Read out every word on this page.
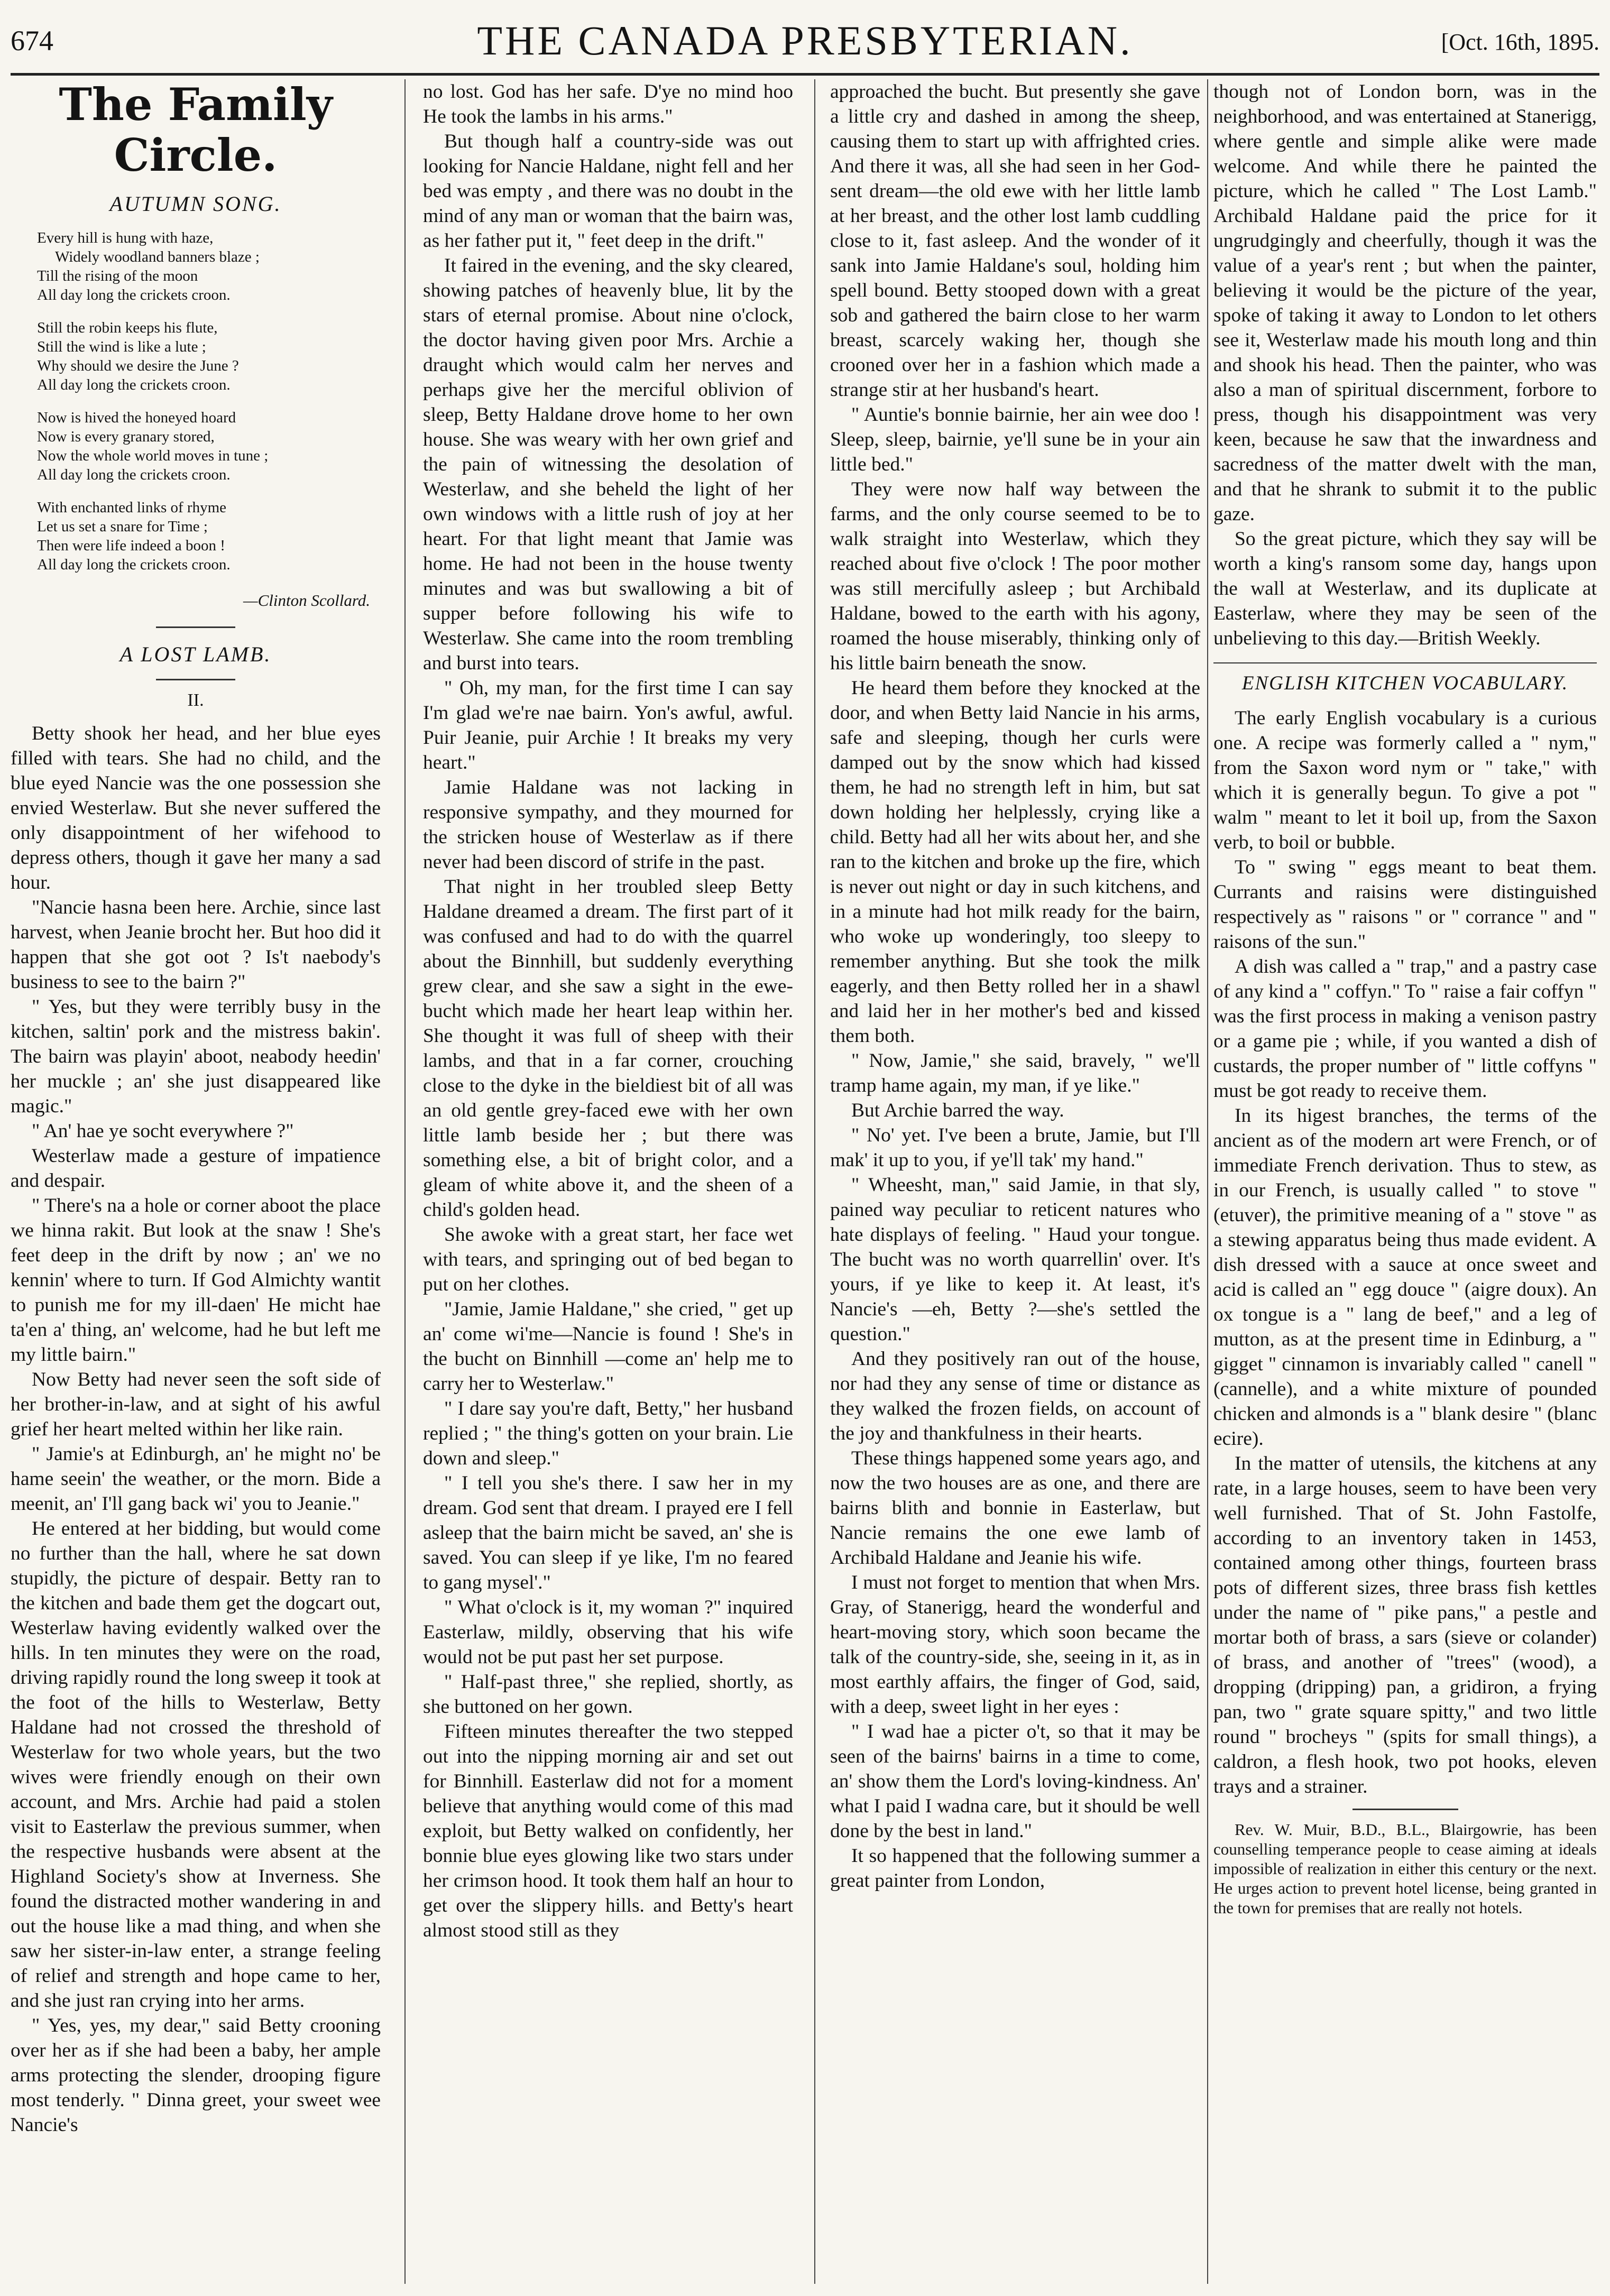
674	THE CANADA PRESBYTERIAN.	[Oct. 16th, 1895.
The Family Circle.
AUTUMN SONG.
Every hill is hung with haze,
Widely woodland banners blaze ;
Till the rising of the moon
All day long the crickets croon.
Still the robin keeps his flute,
Still the wind is like a lute ;
Why should we desire the June ?
All day long the crickets croon.
Now is hived the honeyed hoard
Now is every granary stored,
Now the whole world moves in tune ;
All day long the crickets croon.
With enchanted links of rhyme
Let us set a snare for Time ;
Then were life indeed a boon !
All day long the crickets croon.
—Clinton Scollard.
A LOST LAMB.
II.

Betty shook her head, and her blue eyes filled with tears. She had no child, and the blue eyed Nancie was the one possession she envied Westerlaw. But she never suffered the only disappointment of her wifehood to depress others, though it gave her many a sad hour.

"Nancie hasna been here. Archie, since last harvest, when Jeanie brocht her. But hoo did it happen that she got oot ? Is't naebody's business to see to the bairn ?"

" Yes, but they were terribly busy in the kitchen, saltin' pork and the mistress bakin'. The bairn was playin' aboot, neabody heedin' her muckle ; an' she just disappeared like magic."

" An' hae ye socht everywhere ?"

Westerlaw made a gesture of impatience and despair.

" There's na a hole or corner aboot the place we hinna rakit. But look at the snaw ! She's feet deep in the drift by now ; an' we no kennin' where to turn. If God Almichty wantit to punish me for my ill-daen' He micht hae ta'en a' thing, an' welcome, had he but left me my little bairn."

Now Betty had never seen the soft side of her brother-in-law, and at sight of his awful grief her heart melted within her like rain.

" Jamie's at Edinburgh, an' he might no' be hame seein' the weather, or the morn. Bide a meenit, an' I'll gang back wi' you to Jeanie."

He entered at her bidding, but would come no further than the hall, where he sat down stupidly, the picture of despair. Betty ran to the kitchen and bade them get the dogcart out, Westerlaw having evidently walked over the hills. In ten minutes they were on the road, driving rapidly round the long sweep it took at the foot of the hills to Westerlaw, Betty Haldane had not crossed the threshold of Westerlaw for two whole years, but the two wives were friendly enough on their own account, and Mrs. Archie had paid a stolen visit to Easterlaw the previous summer, when the respective husbands were absent at the Highland Society's show at Inverness. She found the distracted mother wandering in and out the house like a mad thing, and when she saw her sister-in-law enter, a strange feeling of relief and strength and hope came to her, and she just ran crying into her arms.

" Yes, yes, my dear," said Betty crooning over her as if she had been a baby, her ample arms protecting the slender, drooping figure most tenderly. " Dinna greet, your sweet wee Nancie's

no lost. God has her safe. D'ye no mind hoo He took the lambs in his arms."

But though half a country-side was out looking for Nancie Haldane, night fell and her bed was empty , and there was no doubt in the mind of any man or woman that the bairn was, as her father put it, " feet deep in the drift."

It faired in the evening, and the sky cleared, showing patches of heavenly blue, lit by the stars of eternal promise. About nine o'clock, the doctor having given poor Mrs. Archie a draught which would calm her nerves and perhaps give her the merciful oblivion of sleep, Betty Haldane drove home to her own house. She was weary with her own grief and the pain of witnessing the desolation of Westerlaw, and she beheld the light of her own windows with a little rush of joy at her heart. For that light meant that Jamie was home. He had not been in the house twenty minutes and was but swallowing a bit of supper before following his wife to Westerlaw. She came into the room trembling and burst into tears.

" Oh, my man, for the first time I can say I'm glad we're nae bairn. Yon's awful, awful. Puir Jeanie, puir Archie ! It breaks my very heart."

Jamie Haldane was not lacking in responsive sympathy, and they mourned for the stricken house of Westerlaw as if there never had been discord of strife in the past.

That night in her troubled sleep Betty Haldane dreamed a dream. The first part of it was confused and had to do with the quarrel about the Binnhill, but suddenly everything grew clear, and she saw a sight in the ewe-bucht which made her heart leap within her. She thought it was full of sheep with their lambs, and that in a far corner, crouching close to the dyke in the bieldiest bit of all was an old gentle grey-faced ewe with her own little lamb beside her ; but there was something else, a bit of bright color, and a gleam of white above it, and the sheen of a child's golden head.

She awoke with a great start, her face wet with tears, and springing out of bed began to put on her clothes.

"Jamie, Jamie Haldane," she cried, " get up an' come wi'me—Nancie is found ! She's in the bucht on Binnhill —come an' help me to carry her to Westerlaw."

" I dare say you're daft, Betty," her husband replied ; " the thing's gotten on your brain. Lie down and sleep."

" I tell you she's there. I saw her in my dream. God sent that dream. I prayed ere I fell asleep that the bairn micht be saved, an' she is saved. You can sleep if ye like, I'm no feared to gang mysel'."

" What o'clock is it, my woman ?" inquired Easterlaw, mildly, observing that his wife would not be put past her set purpose.

" Half-past three," she replied, shortly, as she buttoned on her gown.

Fifteen minutes thereafter the two stepped out into the nipping morning air and set out for Binnhill. Easterlaw did not for a moment believe that anything would come of this mad exploit, but Betty walked on confidently, her bonnie blue eyes glowing like two stars under her crimson hood. It took them half an hour to get over the slippery hills. and Betty's heart almost stood still as they

approached the bucht. But presently she gave a little cry and dashed in among the sheep, causing them to start up with affrighted cries. And there it was, all she had seen in her God-sent dream—the old ewe with her little lamb at her breast, and the other lost lamb cuddling close to it, fast asleep. And the wonder of it sank into Jamie Haldane's soul, holding him spell bound. Betty stooped down with a great sob and gathered the bairn close to her warm breast, scarcely waking her, though she crooned over her in a fashion which made a strange stir at her husband's heart.

" Auntie's bonnie bairnie, her ain wee doo ! Sleep, sleep, bairnie, ye'll sune be in your ain little bed."

They were now half way between the farms, and the only course seemed to be to walk straight into Westerlaw, which they reached about five o'clock ! The poor mother was still mercifully asleep ; but Archibald Haldane, bowed to the earth with his agony, roamed the house miserably, thinking only of his little bairn beneath the snow.

He heard them before they knocked at the door, and when Betty laid Nancie in his arms, safe and sleeping, though her curls were damped out by the snow which had kissed them, he had no strength left in him, but sat down holding her helplessly, crying like a child. Betty had all her wits about her, and she ran to the kitchen and broke up the fire, which is never out night or day in such kitchens, and in a minute had hot milk ready for the bairn, who woke up wonderingly, too sleepy to remember anything. But she took the milk eagerly, and then Betty rolled her in a shawl and laid her in her mother's bed and kissed them both.

" Now, Jamie," she said, bravely, " we'll tramp hame again, my man, if ye like."

But Archie barred the way.

" No' yet. I've been a brute, Jamie, but I'll mak' it up to you, if ye'll tak' my hand."

" Wheesht, man," said Jamie, in that sly, pained way peculiar to reticent natures who hate displays of feeling. " Haud your tongue. The bucht was no worth quarrellin' over. It's yours, if ye like to keep it. At least, it's Nancie's —eh, Betty ?—she's settled the question."

And they positively ran out of the house, nor had they any sense of time or distance as they walked the frozen fields, on account of the joy and thankfulness in their hearts.

These things happened some years ago, and now the two houses are as one, and there are bairns blith and bonnie in Easterlaw, but Nancie remains the one ewe lamb of Archibald Haldane and Jeanie his wife.

I must not forget to mention that when Mrs. Gray, of Stanerigg, heard the wonderful and heart-moving story, which soon became the talk of the country-side, she, seeing in it, as in most earthly affairs, the finger of God, said, with a deep, sweet light in her eyes :

" I wad hae a picter o't, so that it may be seen of the bairns' bairns in a time to come, an' show them the Lord's loving-kindness. An' what I paid I wadna care, but it should be well done by the best in land."

It so happened that the following summer a great painter from London,

though not of London born, was in the neighborhood, and was entertained at Stanerigg, where gentle and simple alike were made welcome. And while there he painted the picture, which he called " The Lost Lamb." Archibald Haldane paid the price for it ungrudgingly and cheerfully, though it was the value of a year's rent ; but when the painter, believing it would be the picture of the year, spoke of taking it away to London to let others see it, Westerlaw made his mouth long and thin and shook his head. Then the painter, who was also a man of spiritual discernment, forbore to press, though his disappointment was very keen, because he saw that the inwardness and sacredness of the matter dwelt with the man, and that he shrank to submit it to the public gaze.

So the great picture, which they say will be worth a king's ransom some day, hangs upon the wall at Westerlaw, and its duplicate at Easterlaw, where they may be seen of the unbelieving to this day.—British Weekly.

ENGLISH KITCHEN VOCABULARY.

The early English vocabulary is a curious one. A recipe was formerly called a " nym," from the Saxon word nym or " take," with which it is generally begun. To give a pot " walm " meant to let it boil up, from the Saxon verb, to boil or bubble.

To " swing " eggs meant to beat them. Currants and raisins were distinguished respectively as " raisons " or " corrance " and " raisons of the sun."

A dish was called a " trap," and a pastry case of any kind a " coffyn." To " raise a fair coffyn " was the first process in making a venison pastry or a game pie ; while, if you wanted a dish of custards, the proper number of " little coffyns " must be got ready to receive them.

In its higest branches, the terms of the ancient as of the modern art were French, or of immediate French derivation. Thus to stew, as in our French, is usually called " to stove " (etuver), the primitive meaning of a " stove " as a stewing apparatus being thus made evident. A dish dressed with a sauce at once sweet and acid is called an " egg douce " (aigre doux). An ox tongue is a " lang de beef," and a leg of mutton, as at the present time in Edinburg, a " gigget " cinnamon is invariably called " canell " (cannelle), and a white mixture of pounded chicken and almonds is a " blank desire " (blanc ecire).

In the matter of utensils, the kitchens at any rate, in a large houses, seem to have been very well furnished. That of St. John Fastolfe, according to an inventory taken in 1453, contained among other things, fourteen brass pots of different sizes, three brass fish kettles under the name of " pike pans," a pestle and mortar both of brass, a sars (sieve or colander) of brass, and another of "trees" (wood), a dropping (dripping) pan, a gridiron, a frying pan, two " grate square spitty," and two little round " brocheys " (spits for small things), a caldron, a flesh hook, two pot hooks, eleven trays and a strainer.

Rev. W. Muir, B.D., B.L., Blairgowrie, has been counselling temperance people to cease aiming at ideals impossible of realization in either this century or the next. He urges action to prevent hotel license, being granted in the town for premises that are really not hotels.
